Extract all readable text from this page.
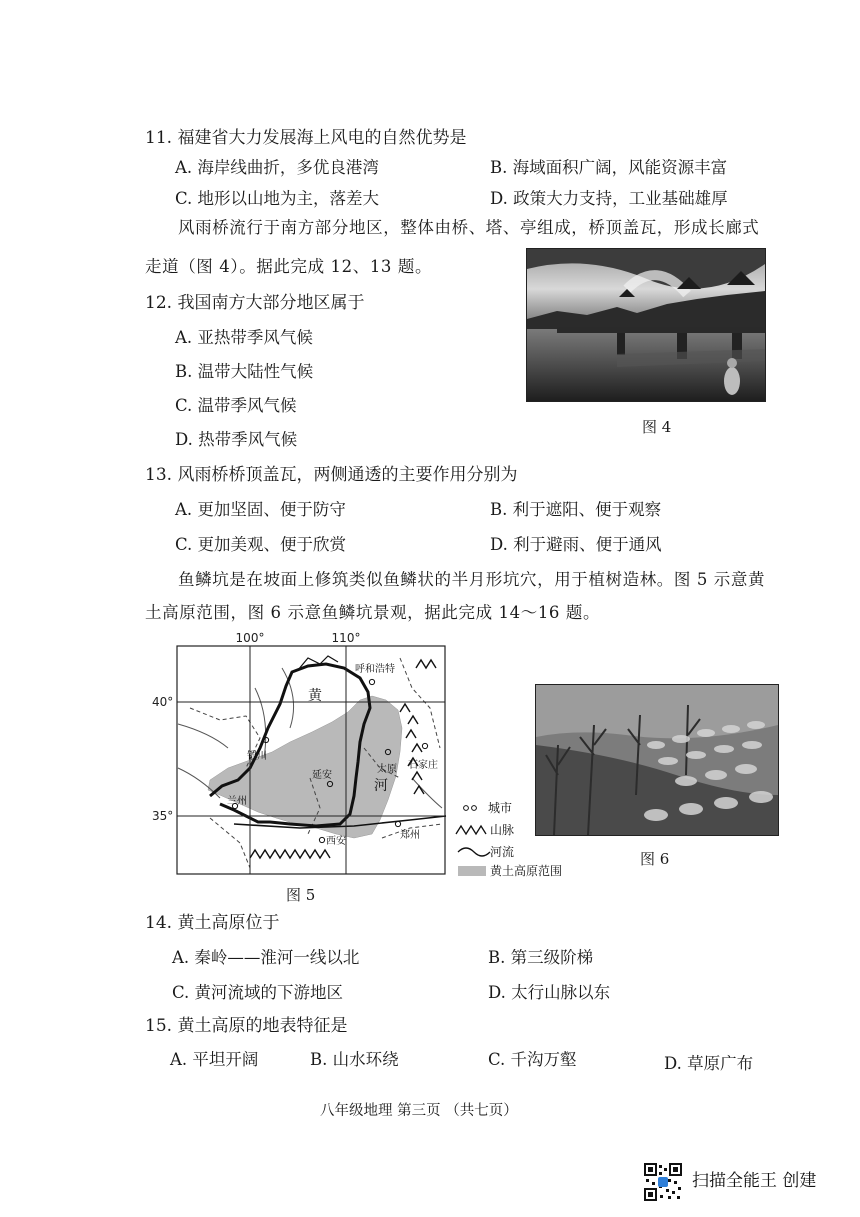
11. 福建省大力发展海上风电的自然优势是
A. 海岸线曲折，多优良港湾	B. 海域面积广阔，风能资源丰富
C. 地形以山地为主，落差大	D. 政策大力支持，工业基础雄厚
风雨桥流行于南方部分地区，整体由桥、塔、亭组成，桥顶盖瓦，形成长廊式
走道（图 4）。据此完成 12、13 题。
图 4
12. 我国南方大部分地区属于
A. 亚热带季风气候
B. 温带大陆性气候
C. 温带季风气候
D. 热带季风气候
13. 风雨桥桥顶盖瓦，两侧通透的主要作用分别为
A. 更加坚固、便于防守	B. 利于遮阳、便于观察
C. 更加美观、便于欣赏	D. 利于避雨、便于通风
鱼鳞坑是在坡面上修筑类似鱼鳞状的半月形坑穴，用于植树造林。图 5 示意黄
土高原范围，图 6 示意鱼鳞坑景观，据此完成 14～16 题。
100°	110°
40°
35°
黄
河
呼和浩特
银川
太原 石家庄
延安
兰州
西安
郑州
城市
山脉
河流
黄土高原范围
图 5
图 6
14. 黄土高原位于
A. 秦岭——淮河一线以北	B. 第三级阶梯
C. 黄河流域的下游地区	D. 太行山脉以东
15. 黄土高原的地表特征是
A. 平坦开阔	B. 山水环绕	C. 千沟万壑	D. 草原广布
八年级地理 第三页 （共七页）
扫描全能王 创建
